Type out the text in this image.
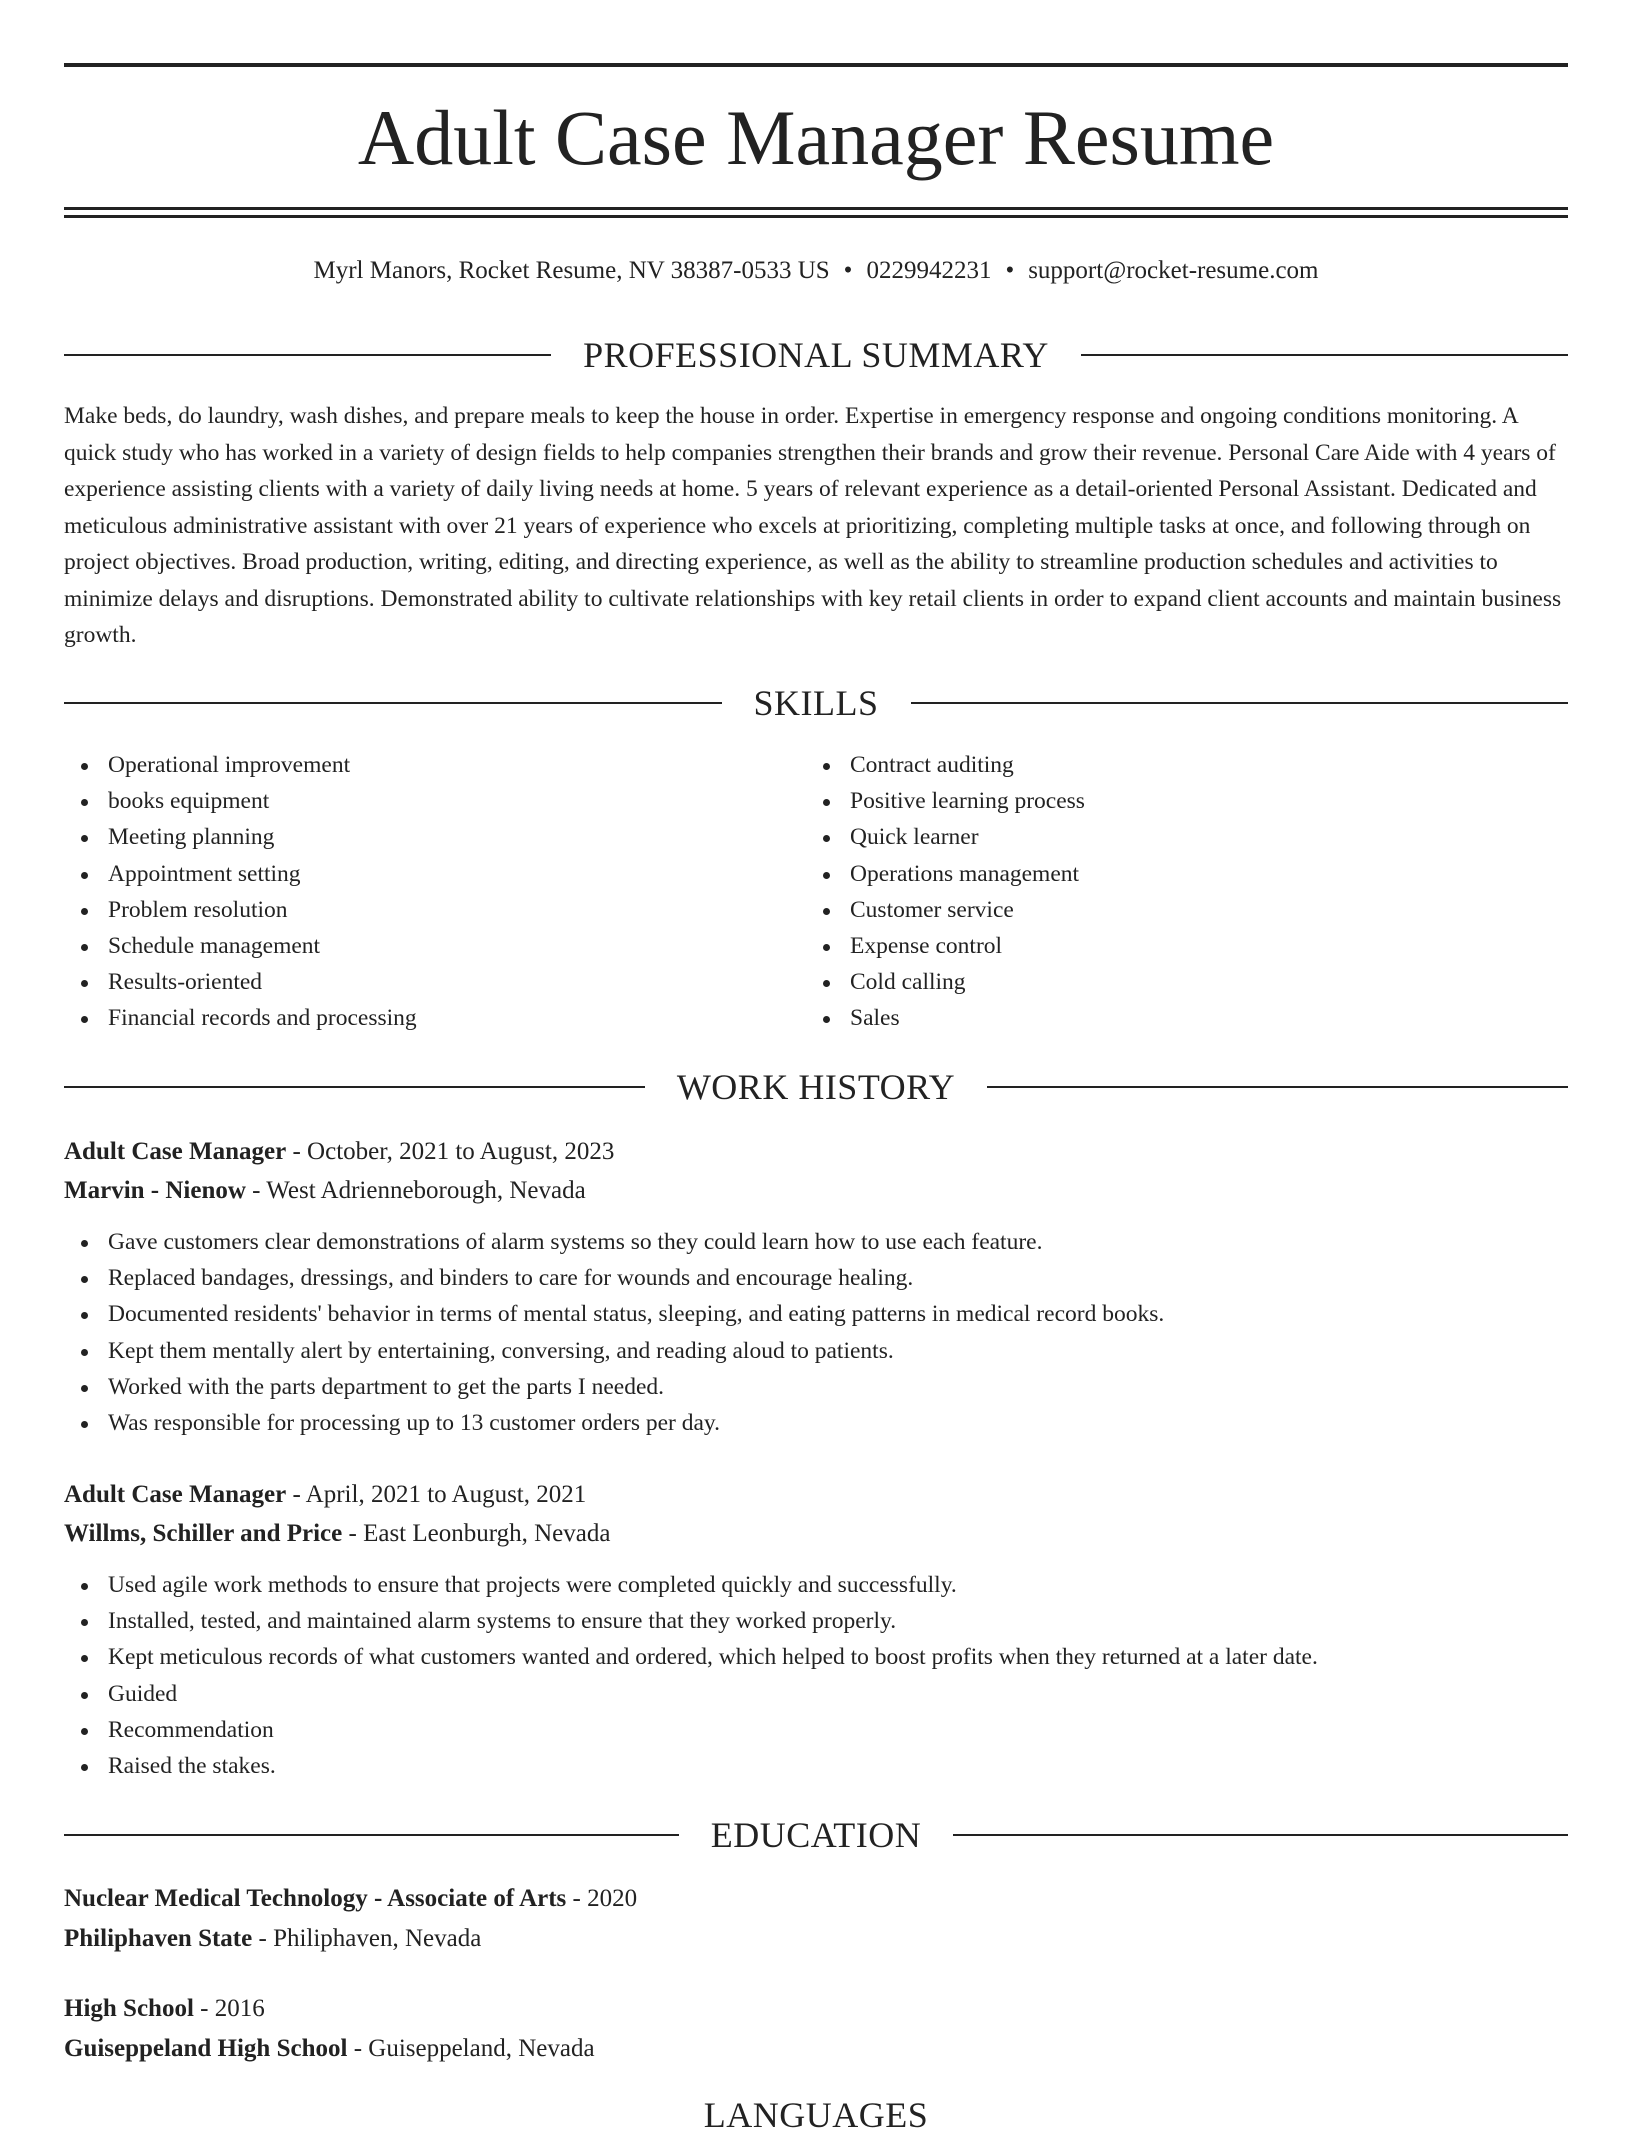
Adult Case Manager Resume
Myrl Manors, Rocket Resume, NV 38387-0533 US • 0229942231 • support@rocket-resume.com
PROFESSIONAL SUMMARY

Make beds, do laundry, wash dishes, and prepare meals to keep the house in order. Expertise in emergency response and ongoing conditions monitoring. A quick study who has worked in a variety of design fields to help companies strengthen their brands and grow their revenue. Personal Care Aide with 4 years of experience assisting clients with a variety of daily living needs at home. 5 years of relevant experience as a detail-oriented Personal Assistant. Dedicated and meticulous administrative assistant with over 21 years of experience who excels at prioritizing, completing multiple tasks at once, and following through on project objectives. Broad production, writing, editing, and directing experience, as well as the ability to streamline production schedules and activities to minimize delays and disruptions. Demonstrated ability to cultivate relationships with key retail clients in order to expand client accounts and maintain business growth.

SKILLS
Operational improvement
books equipment
Meeting planning
Appointment setting
Problem resolution
Schedule management
Results-oriented
Financial records and processing
Contract auditing
Positive learning process
Quick learner
Operations management
Customer service
Expense control
Cold calling
Sales
WORK HISTORY
Adult Case Manager - October, 2021 to August, 2023
Marvin - Nienow - West Adrienneborough, Nevada
Gave customers clear demonstrations of alarm systems so they could learn how to use each feature.
Replaced bandages, dressings, and binders to care for wounds and encourage healing.
Documented residents' behavior in terms of mental status, sleeping, and eating patterns in medical record books.
Kept them mentally alert by entertaining, conversing, and reading aloud to patients.
Worked with the parts department to get the parts I needed.
Was responsible for processing up to 13 customer orders per day.
Adult Case Manager - April, 2021 to August, 2021
Willms, Schiller and Price - East Leonburgh, Nevada
Used agile work methods to ensure that projects were completed quickly and successfully.
Installed, tested, and maintained alarm systems to ensure that they worked properly.
Kept meticulous records of what customers wanted and ordered, which helped to boost profits when they returned at a later date.
Guided
Recommendation
Raised the stakes.
EDUCATION
Nuclear Medical Technology - Associate of Arts - 2020
Philiphaven State - Philiphaven, Nevada
High School - 2016
Guiseppeland High School - Guiseppeland, Nevada
LANGUAGES
